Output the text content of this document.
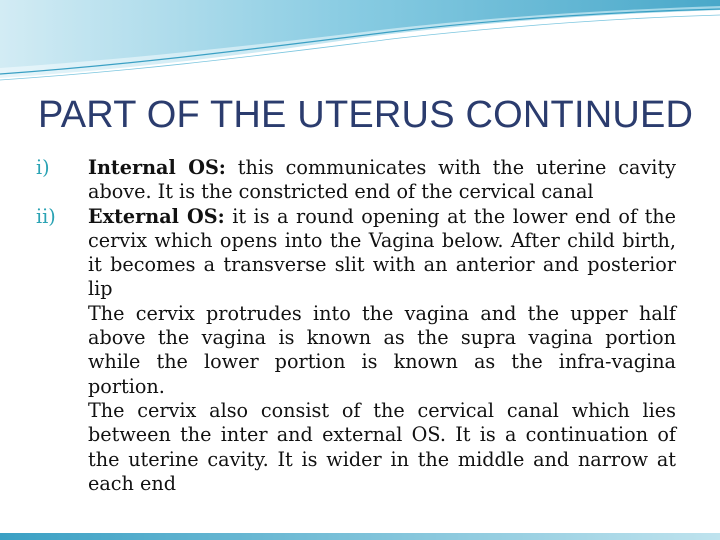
PART OF THE UTERUS CONTINUED
i)	Internal OS: this communicates with the uterine cavity above. It is the constricted end of the cervical canal
ii)	External OS: it is a round opening at the lower end of the cervix which opens into the Vagina below. After child birth, it becomes a transverse slit with an anterior and posterior lip
The cervix protrudes into the vagina and the upper half above the vagina is known as the supra vagina portion while the lower portion is known as the infra-vagina portion.
The cervix also consist of the cervical canal which lies between the inter and external OS. It is a continuation of the uterine cavity. It is wider in the middle and narrow at each end
